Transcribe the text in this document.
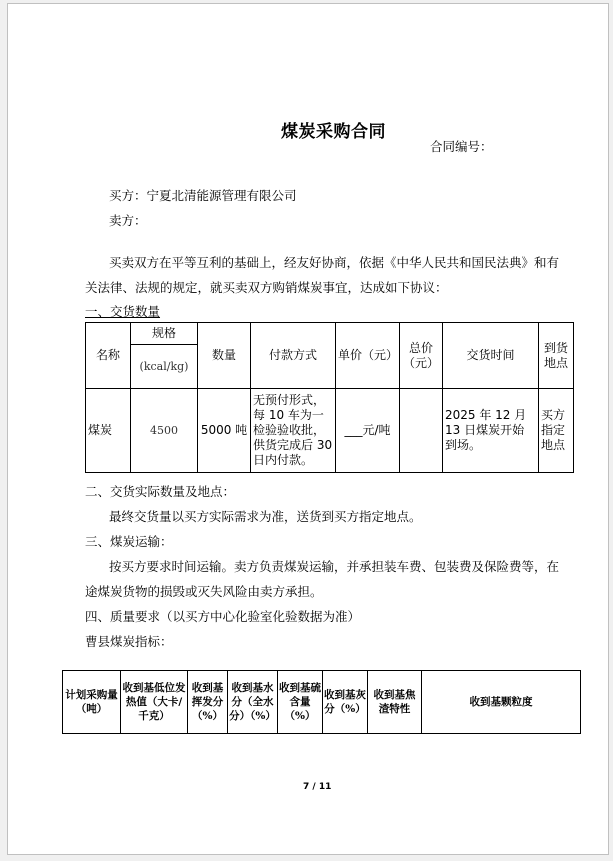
煤炭采购合同
合同编号：
买方：宁夏北清能源管理有限公司
卖方：
买卖双方在平等互利的基础上，经友好协商，依据《中华人民共和国民法典》和有
关法律、法规的规定，就买卖双方购销煤炭事宜，达成如下协议：
一、交货数量
名称	规格	数量	付款方式	单价（元）	总价（元）	交货时间	到货地点
	(kcal/kg)						
煤炭	4500	5000 吨	无预付形式，每 10 车为一检验验收批，供货完成后 30 日内付款。	___元/吨		2025 年 12 月 13 日煤炭开始到场。	买方指定地点
二、交货实际数量及地点：
最终交货量以买方实际需求为准，送货到买方指定地点。
三、煤炭运输：
按买方要求时间运输。卖方负责煤炭运输，并承担装车费、包装费及保险费等，在
途煤炭货物的损毁或灭失风险由卖方承担。
四、质量要求（以买方中心化验室化验数据为准）
曹县煤炭指标：
计划采购量（吨）	收到基低位发热值（大卡/千克）	收到基挥发分（%）	收到基水分（全水分）（%）	收到基硫含量（%）	收到基灰分（%）	收到基焦渣特性	收到基颗粒度
7 / 11
